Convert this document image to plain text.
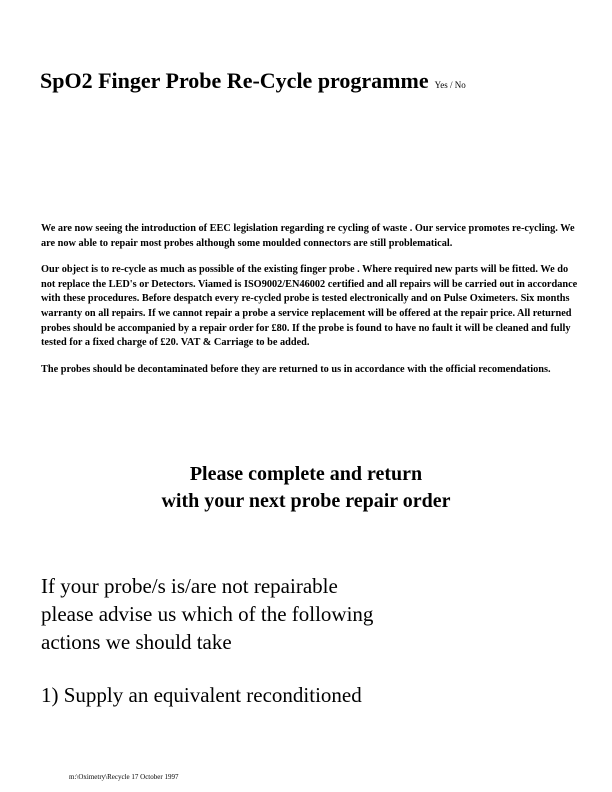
SpO2 Finger Probe Re-Cycle programme Yes / No

We are now seeing the introduction of EEC legislation regarding re cycling of waste . Our service promotes re-cycling. We are now able to repair most probes although some moulded connectors are still problematical.

Our object is to re-cycle as much as possible of the existing finger probe . Where required new parts will be fitted. We do not replace the LED's or Detectors. Viamed is ISO9002/EN46002 certified and all repairs will be carried out in accordance with these procedures. Before despatch every re-cycled probe is tested electronically and on Pulse Oximeters. Six months warranty on all repairs. If we cannot repair a probe a service replacement will be offered at the repair price. All returned probes should be accompanied by a repair order for £80. If the probe is found to have no fault it will be cleaned and fully tested for a fixed charge of £20. VAT & Carriage to be added.

The probes should be decontaminated before they are returned to us in accordance with the official recomendations.

Please complete and return
with your next probe repair order
If your probe/s is/are not repairable
please advise us which of the following
actions we should take
1) Supply an equivalent reconditioned
m:\Oximetry\Recycle 17 October 1997
